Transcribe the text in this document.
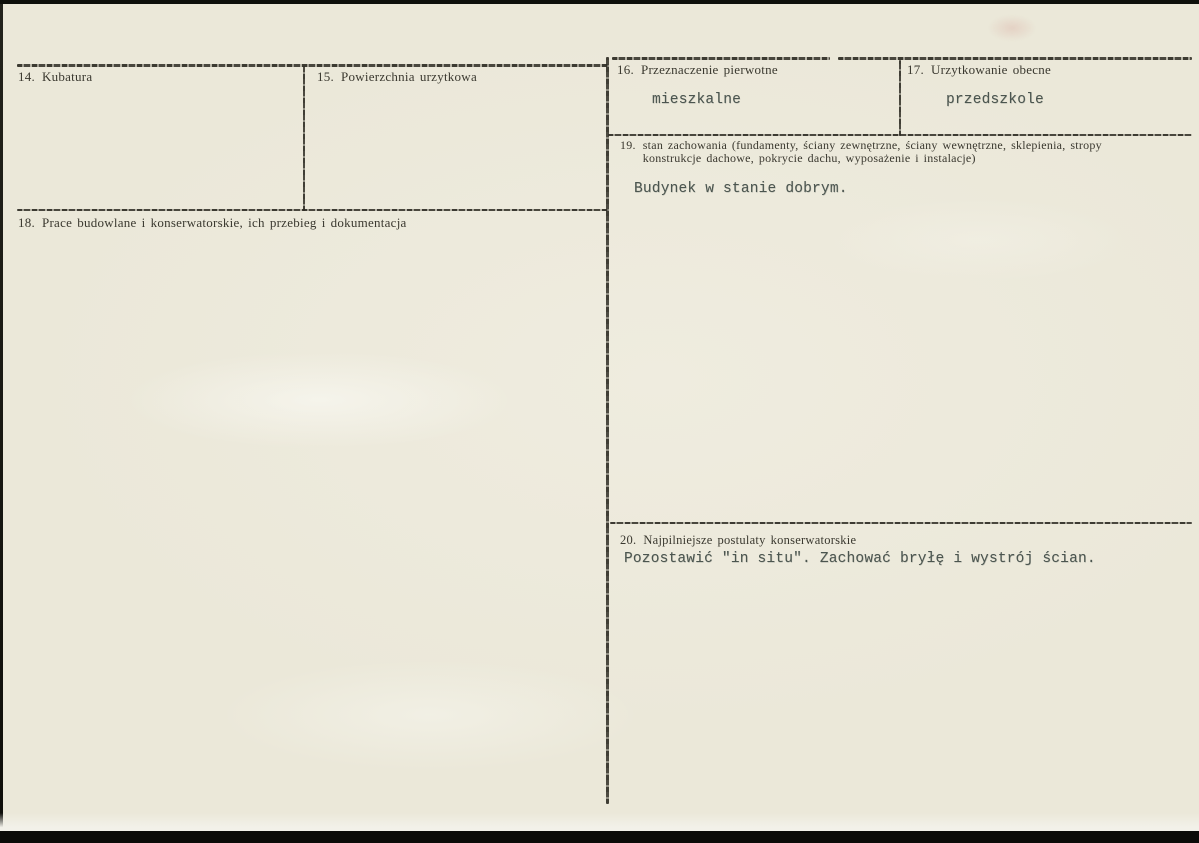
14. Kubatura	15. Powierzchnia urzytkowa	16. Przeznaczenie pierwotne
mieszkalne
17. Urzytkowanie obecne
przedszkole
18. Prace budowlane i konserwatorskie, ich przebieg i dokumentacja
19. stan zachowania (fundamenty, ściany zewnętrzne, ściany wewnętrzne, sklepienia, stropy
konstrukcje dachowe, pokrycie dachu, wyposażenie i instalacje)
Budynek w stanie dobrym.
20. Najpilniejsze postulaty konserwatorskie
Pozostawić "in situ". Zachować bryłę i wystrój ścian.
